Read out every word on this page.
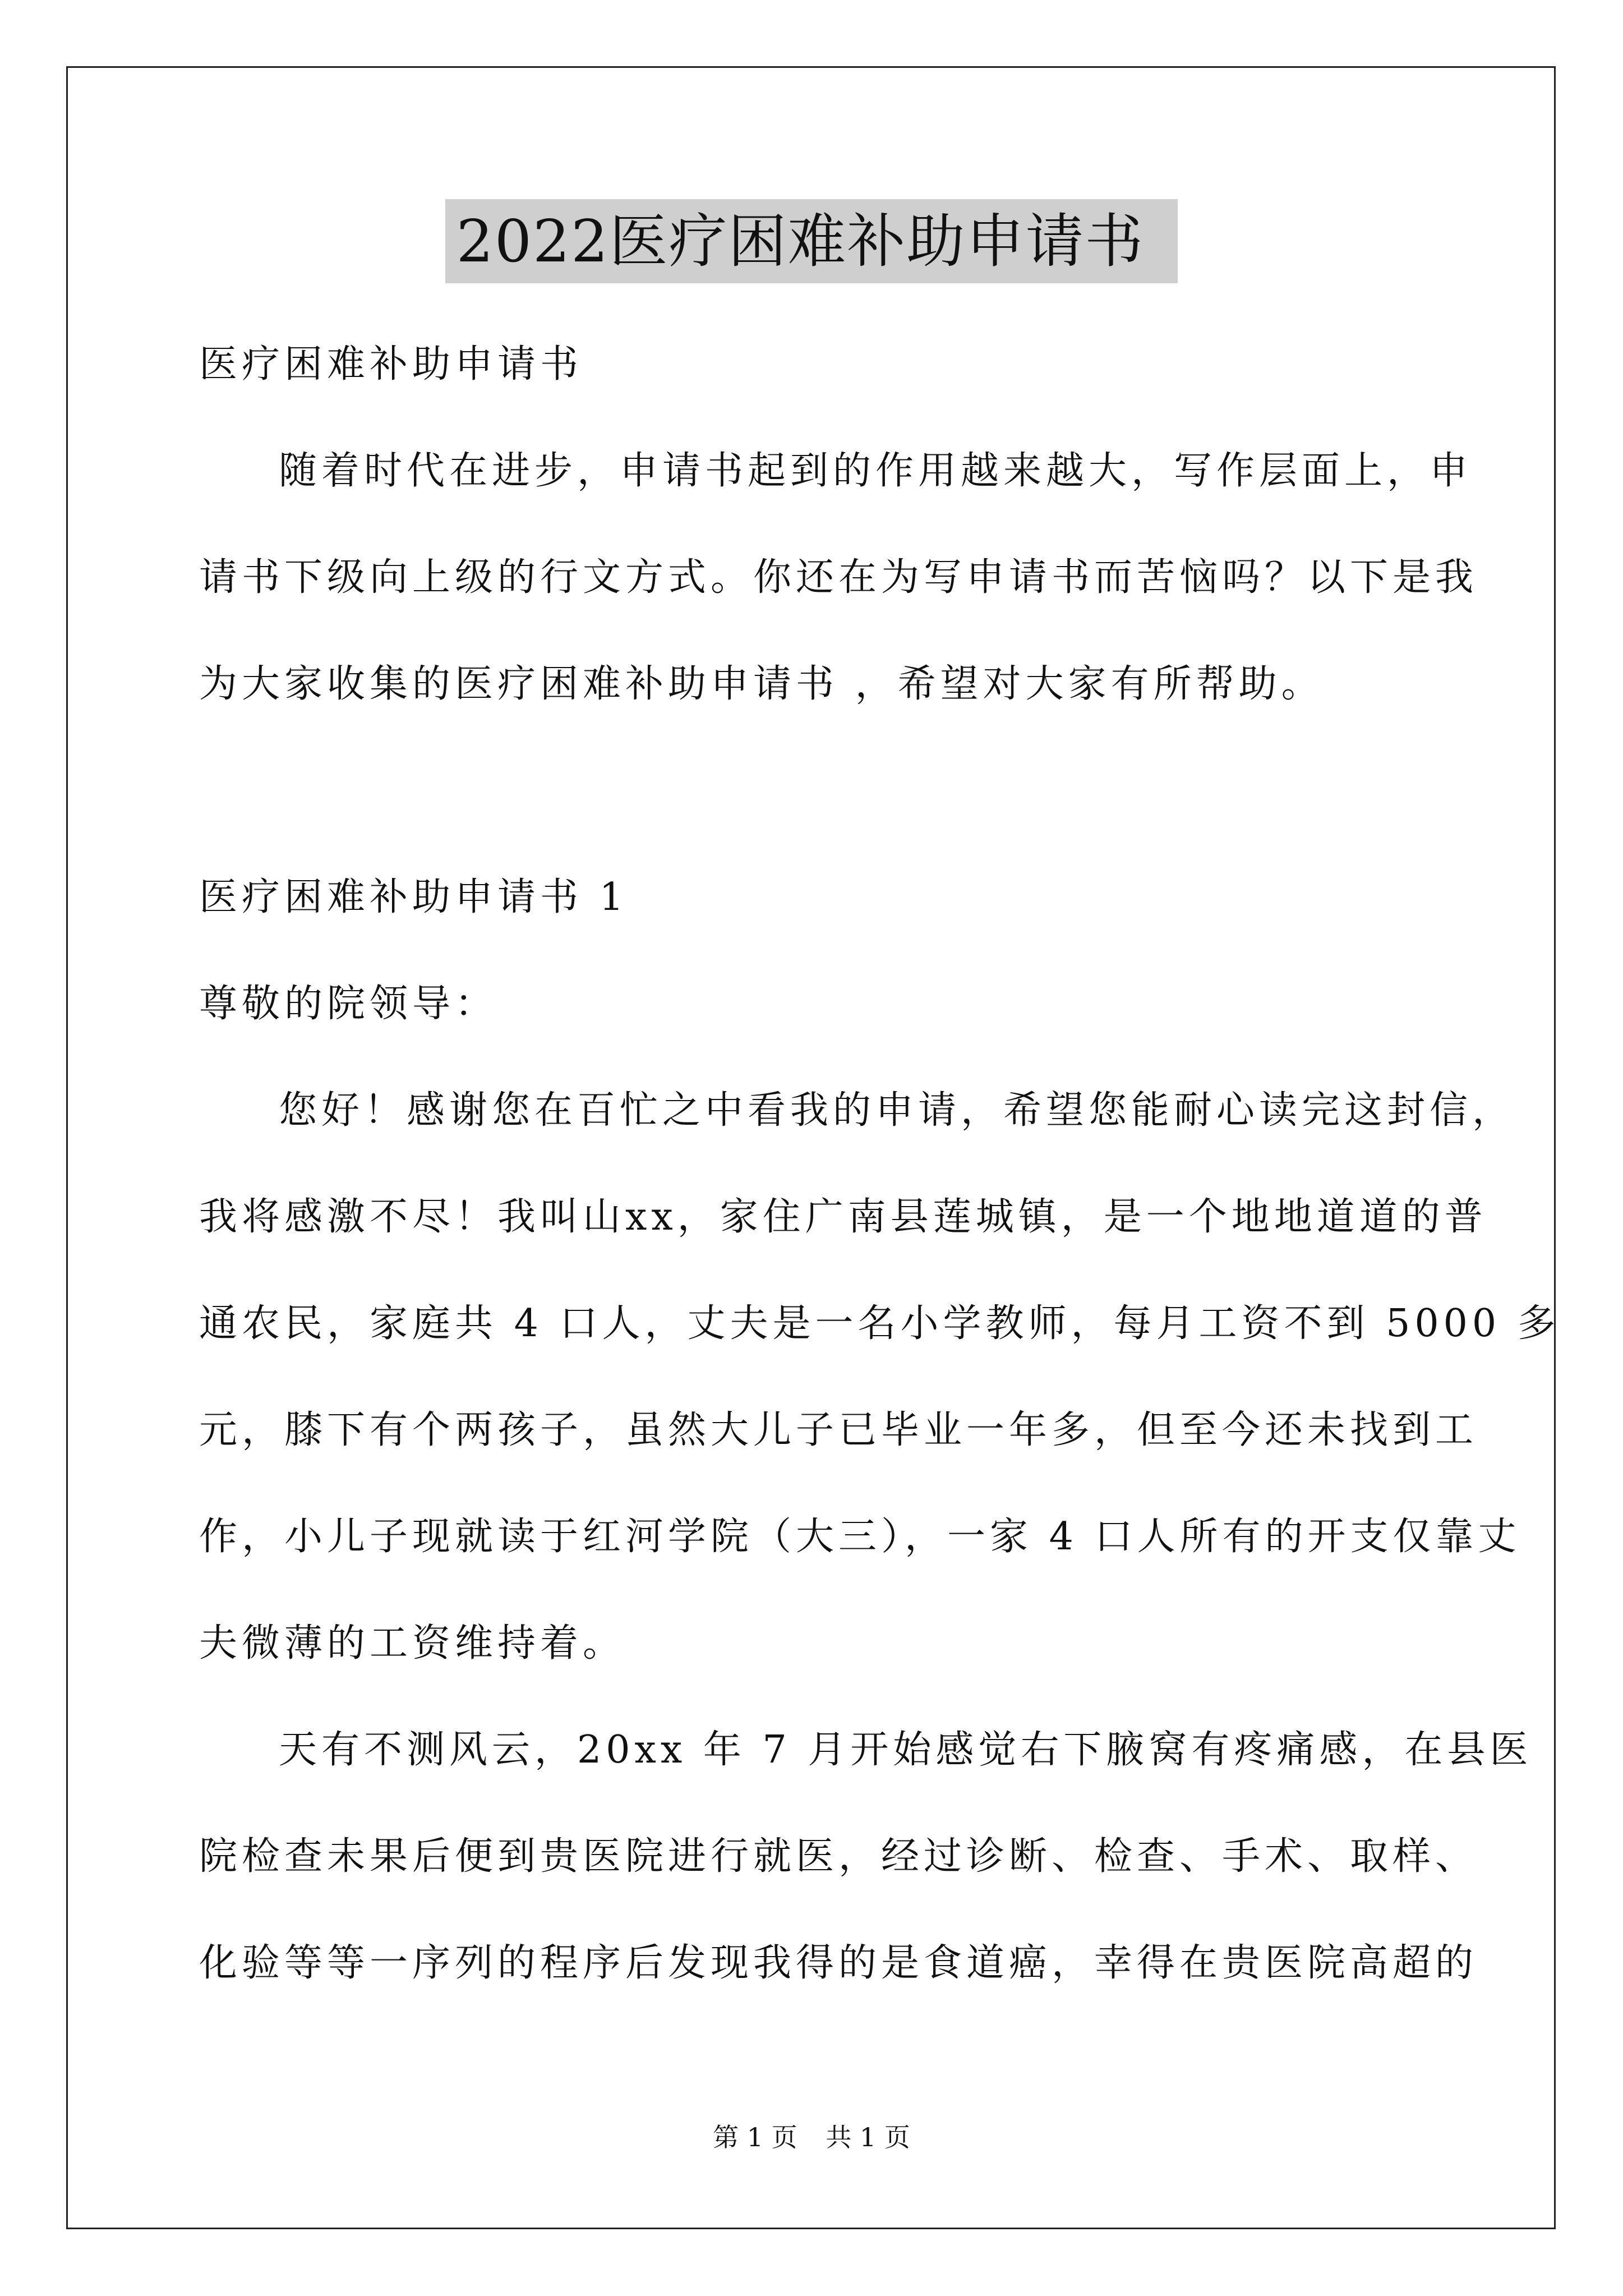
2022医疗困难补助申请书
医疗困难补助申请书
随着时代在进步，申请书起到的作用越来越大，写作层面上，申
请书下级向上级的行文方式。你还在为写申请书而苦恼吗？以下是我
为大家收集的医疗困难补助申请书 ，希望对大家有所帮助。
医疗困难补助申请书 1
尊敬的院领导：
您好！感谢您在百忙之中看我的申请，希望您能耐心读完这封信，
我将感激不尽！我叫山xx，家住广南县莲城镇，是一个地地道道的普
通农民，家庭共 4 口人，丈夫是一名小学教师，每月工资不到 5000 多
元，膝下有个两孩子，虽然大儿子已毕业一年多，但至今还未找到工
作，小儿子现就读于红河学院（大三），一家 4 口人所有的开支仅靠丈
夫微薄的工资维持着。
天有不测风云，20xx 年 7 月开始感觉右下腋窝有疼痛感，在县医
院检查未果后便到贵医院进行就医，经过诊断、检查、手术、取样、
化验等等一序列的程序后发现我得的是食道癌，幸得在贵医院高超的
第 1 页 共 1 页
